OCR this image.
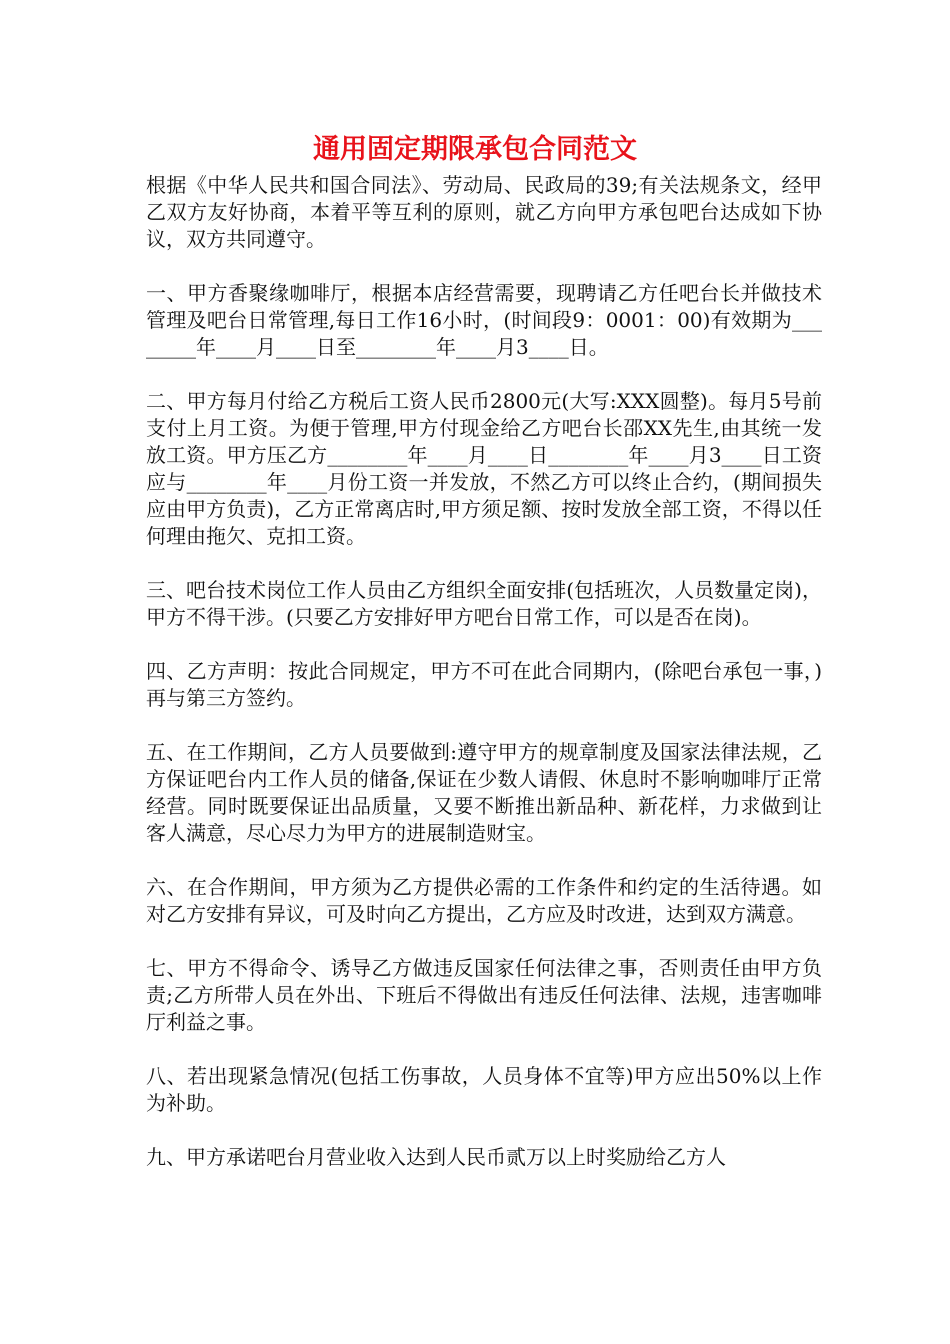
通用固定期限承包合同范文

根据《中华人民共和国合同法》、劳动局、民政局的39;有关法规条文，经甲乙双方友好协商，本着平等互利的原则，就乙方向甲方承包吧台达成如下协议，双方共同遵守。

一、甲方香聚缘咖啡厅，根据本店经营需要，现聘请乙方任吧台长并做技术管理及吧台日常管理,每日工作16小时，(时间段9：0001：00)有效期为________年____月____日至________年____月3____日。

二、甲方每月付给乙方税后工资人民币2800元(大写:XXX圆整)。每月5号前支付上月工资。为便于管理,甲方付现金给乙方吧台长邵XX先生,由其统一发放工资。甲方压乙方________年____月____日________年____月3____日工资应与________年____月份工资一并发放，不然乙方可以终止合约，(期间损失应由甲方负责)，乙方正常离店时,甲方须足额、按时发放全部工资，不得以任何理由拖欠、克扣工资。

三、吧台技术岗位工作人员由乙方组织全面安排(包括班次，人员数量定岗)，甲方不得干涉。(只要乙方安排好甲方吧台日常工作，可以是否在岗)。

四、乙方声明：按此合同规定，甲方不可在此合同期内，(除吧台承包一事，)再与第三方签约。

五、在工作期间，乙方人员要做到:遵守甲方的规章制度及国家法律法规，乙方保证吧台内工作人员的储备,保证在少数人请假、休息时不影响咖啡厅正常经营。同时既要保证出品质量，又要不断推出新品种、新花样，力求做到让客人满意，尽心尽力为甲方的进展制造财宝。

六、在合作期间，甲方须为乙方提供必需的工作条件和约定的生活待遇。如对乙方安排有异议，可及时向乙方提出，乙方应及时改进，达到双方满意。

七、甲方不得命令、诱导乙方做违反国家任何法律之事，否则责任由甲方负责;乙方所带人员在外出、下班后不得做出有违反任何法律、法规，违害咖啡厅利益之事。

八、若出现紧急情况(包括工伤事故，人员身体不宜等)甲方应出50%以上作为补助。

九、甲方承诺吧台月营业收入达到人民币贰万以上时奖励给乙方人
